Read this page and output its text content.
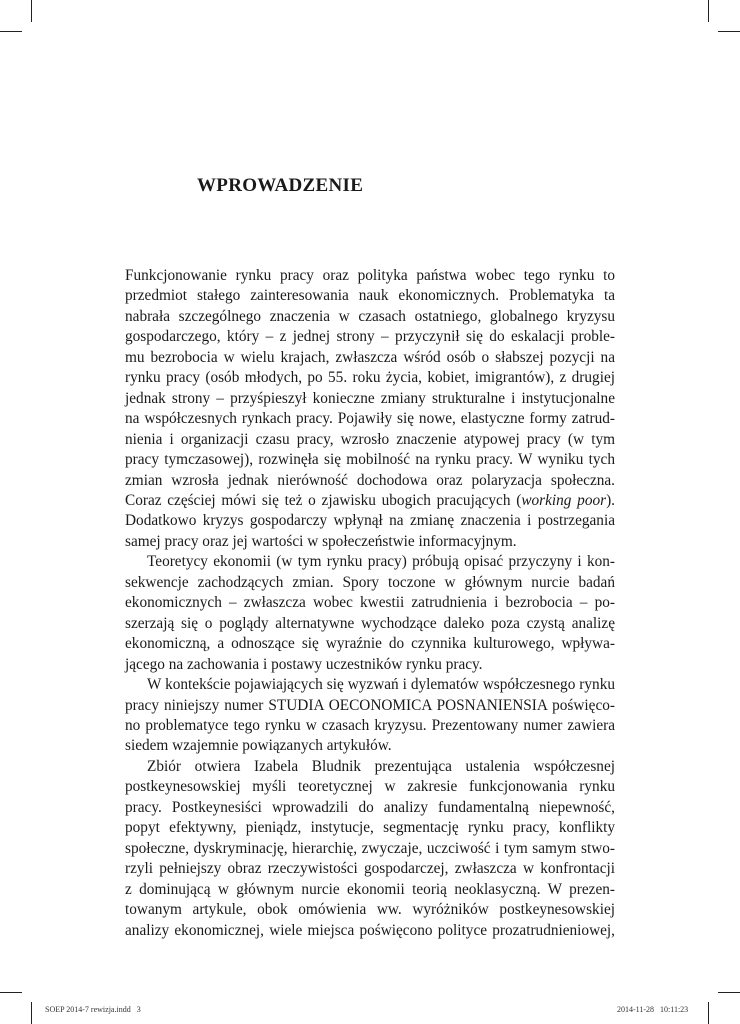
WPROWADZENIE

Funkcjonowanie rynku pracy oraz polityka państwa wobec tego rynku to
przedmiot stałego zainteresowania nauk ekonomicznych. Problematyka ta
nabrała szczególnego znaczenia w czasach ostatniego, globalnego kryzysu
gospodarczego, który – z jednej strony – przyczynił się do eskalacji proble-
mu bezrobocia w wielu krajach, zwłaszcza wśród osób o słabszej pozycji na
rynku pracy (osób młodych, po 55. roku życia, kobiet, imigrantów), z drugiej
jednak strony – przyśpieszył konieczne zmiany strukturalne i instytucjonalne
na współczesnych rynkach pracy. Pojawiły się nowe, elastyczne formy zatrud-
nienia i organizacji czasu pracy, wzrosło znaczenie atypowej pracy (w tym
pracy tymczasowej), rozwinęła się mobilność na rynku pracy. W wyniku tych
zmian wzrosła jednak nierówność dochodowa oraz polaryzacja społeczna.
Coraz częściej mówi się też o zjawisku ubogich pracujących (working poor).
Dodatkowo kryzys gospodarczy wpłynął na zmianę znaczenia i postrzegania
samej pracy oraz jej wartości w społeczeństwie informacyjnym.

Teoretycy ekonomii (w tym rynku pracy) próbują opisać przyczyny i kon-
sekwencje zachodzących zmian. Spory toczone w głównym nurcie badań
ekonomicznych – zwłaszcza wobec kwestii zatrudnienia i bezrobocia – po-
szerzają się o poglądy alternatywne wychodzące daleko poza czystą analizę
ekonomiczną, a odnoszące się wyraźnie do czynnika kulturowego, wpływa-
jącego na zachowania i postawy uczestników rynku pracy.

W kontekście pojawiających się wyzwań i dylematów współczesnego rynku
pracy niniejszy numer STUDIA OECONOMICA POSNANIENSIA poświęco-
no problematyce tego rynku w czasach kryzysu. Prezentowany numer zawiera
siedem wzajemnie powiązanych artykułów.

Zbiór otwiera Izabela Bludnik prezentująca ustalenia współczesnej
postkeynesowskiej myśli teoretycznej w zakresie funkcjonowania rynku
pracy. Postkeynesiści wprowadzili do analizy fundamentalną niepewność,
popyt efektywny, pieniądz, instytucje, segmentację rynku pracy, konflikty
społeczne, dyskryminację, hierarchię, zwyczaje, uczciwość i tym samym stwo-
rzyli pełniejszy obraz rzeczywistości gospodarczej, zwłaszcza w konfrontacji
z dominującą w głównym nurcie ekonomii teorią neoklasyczną. W prezen-
towanym artykule, obok omówienia ww. wyróżników postkeynesowskiej
analizy ekonomicznej, wiele miejsca poświęcono polityce prozatrudnieniowej,

SOEP 2014-7 rewizja.indd   3	2014-11-28   10:11:23
